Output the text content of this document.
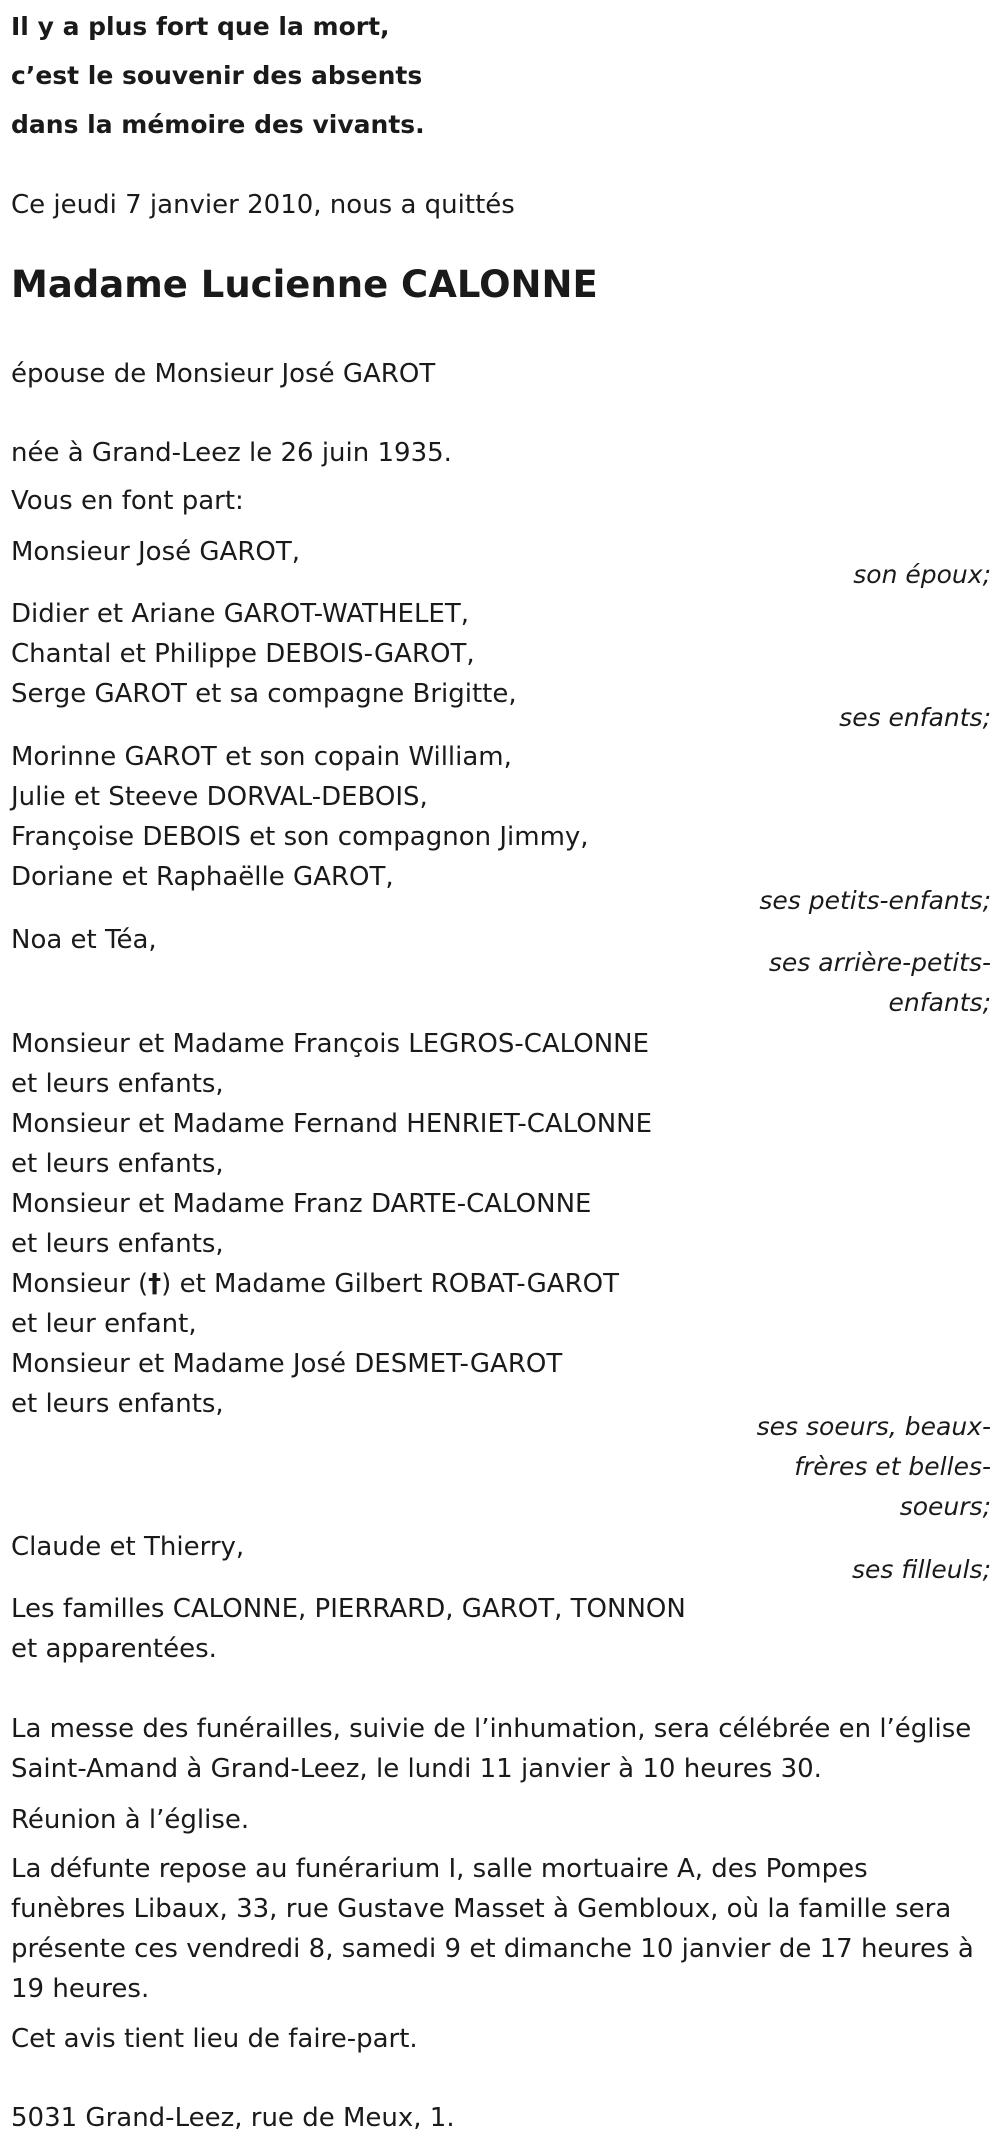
Il y a plus fort que la mort,
c’est le souvenir des absents
dans la mémoire des vivants.
Ce jeudi 7 janvier 2010, nous a quittés
Madame Lucienne CALONNE
épouse de Monsieur José GAROT
née à Grand-Leez le 26 juin 1935.
Vous en font part:
Monsieur José GAROT,
son époux;
Didier et Ariane GAROT-WATHELET,
Chantal et Philippe DEBOIS-GAROT,
Serge GAROT et sa compagne Brigitte,
ses enfants;
Morinne GAROT et son copain William,
Julie et Steeve DORVAL-DEBOIS,
Françoise DEBOIS et son compagnon Jimmy,
Doriane et Raphaëlle GAROT,
ses petits-enfants;
Noa et Téa,
ses arrière-petits-
enfants;
Monsieur et Madame François LEGROS-CALONNE
et leurs enfants,
Monsieur et Madame Fernand HENRIET-CALONNE
et leurs enfants,
Monsieur et Madame Franz DARTE-CALONNE
et leurs enfants,
Monsieur (†) et Madame Gilbert ROBAT-GAROT
et leur enfant,
Monsieur et Madame José DESMET-GAROT
et leurs enfants,
ses soeurs, beaux-
frères et belles-
soeurs;
Claude et Thierry,
ses filleuls;
Les familles CALONNE, PIERRARD, GAROT, TONNON
et apparentées.
La messe des funérailles, suivie de l’inhumation, sera célébrée en l’église
Saint-Amand à Grand-Leez, le lundi 11 janvier à 10 heures 30.
Réunion à l’église.
La défunte repose au funérarium I, salle mortuaire A, des Pompes
funèbres Libaux, 33, rue Gustave Masset à Gembloux, où la famille sera
présente ces vendredi 8, samedi 9 et dimanche 10 janvier de 17 heures à
19 heures.
Cet avis tient lieu de faire-part.
5031 Grand-Leez, rue de Meux, 1.
